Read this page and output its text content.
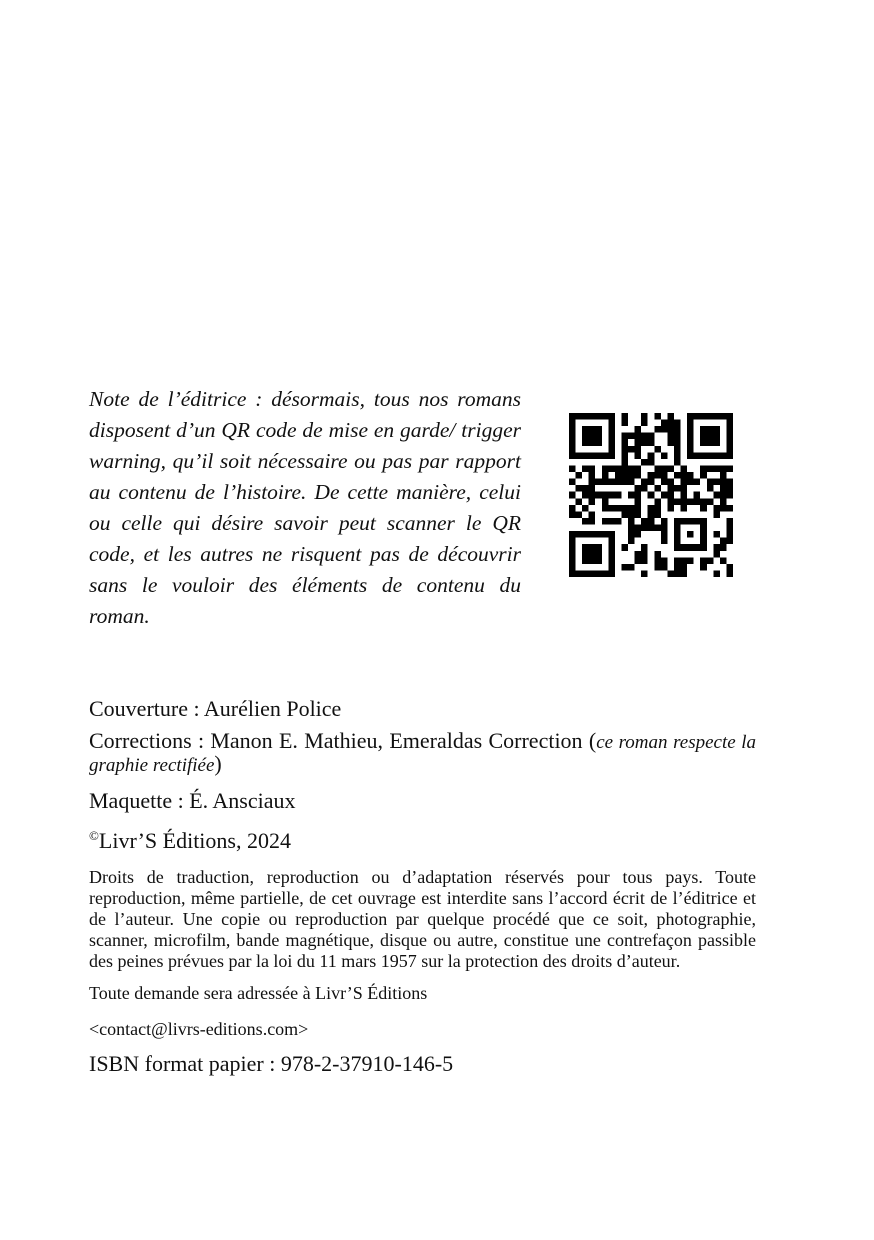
Note de l’éditrice : désormais, tous nos romans disposent d’un QR code de mise en garde/ trigger warning, qu’il soit nécessaire ou pas par rapport au contenu de l’histoire. De cette manière, celui ou celle qui désire savoir peut scanner le QR code, et les autres ne risquent pas de découvrir sans le vouloir des éléments de contenu du roman.

Couverture : Aurélien Police

Corrections : Manon E. Mathieu, Emeraldas Correction (ce roman respecte la graphie rectifiée)

Maquette : É. Ansciaux

©Livr’S Éditions, 2024

Droits de traduction, reproduction ou d’adaptation réservés pour tous pays. Toute reproduction, même partielle, de cet ouvrage est interdite sans l’accord écrit de l’éditrice et de l’auteur. Une copie ou reproduction par quelque procédé que ce soit, photographie, scanner, microfilm, bande magnétique, disque ou autre, constitue une contrefaçon passible des peines prévues par la loi du 11 mars 1957 sur la protection des droits d’auteur.

Toute demande sera adressée à Livr’S Éditions

<contact@livrs-editions.com>

ISBN format papier : 978-2-37910-146-5
